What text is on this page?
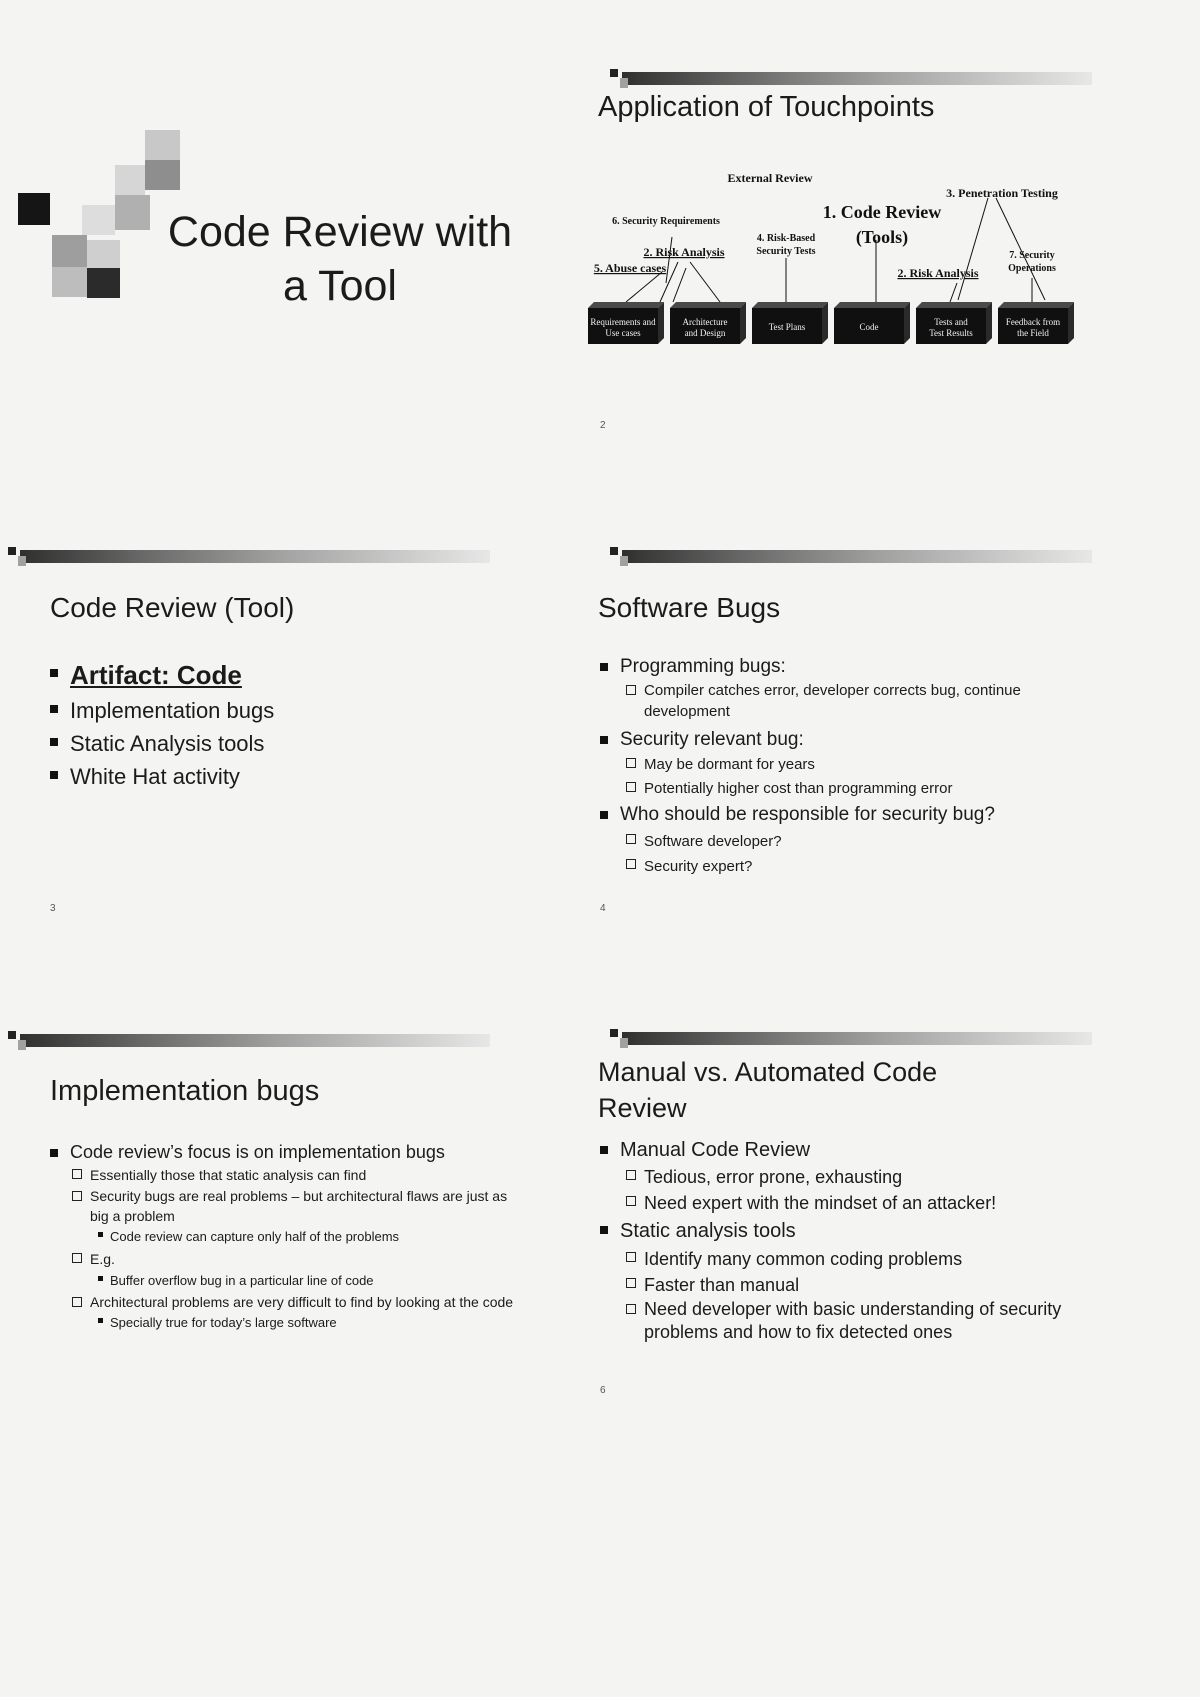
Code Review with
a Tool
Application of Touchpoints
External Review
1. Code Review
(Tools)
3. Penetration Testing
6. Security Requirements
2. Risk Analysis
4. Risk-Based
Security Tests
5. Abuse cases	2. Risk Analysis
7. Security
Operations
Requirements and
Use cases
Architecture
and Design
Test Plans	Code	Tests and
Test Results
Feedback from
the Field
2
Code Review (Tool)
Artifact: Code
Implementation bugs
Static Analysis tools
White Hat activity
3
Software Bugs
Programming bugs:
Compiler catches error, developer corrects bug, continue development
Security relevant bug:
May be dormant for years
Potentially higher cost than programming error
Who should be responsible for security bug?
Software developer?
Security expert?
4
Implementation bugs
Code review’s focus is on implementation bugs
Essentially those that static analysis can find
Security bugs are real problems – but architectural flaws are just as big a problem
Code review can capture only half of the problems
E.g.
Buffer overflow bug in a particular line of code
Architectural problems are very difficult to find by looking at the code
Specially true for today’s large software
Manual vs. Automated Code Review
Manual Code Review
Tedious, error prone, exhausting
Need expert with the mindset of an attacker!
Static analysis tools
Identify many common coding problems
Faster than manual
Need developer with basic understanding of security problems and how to fix detected ones
6
